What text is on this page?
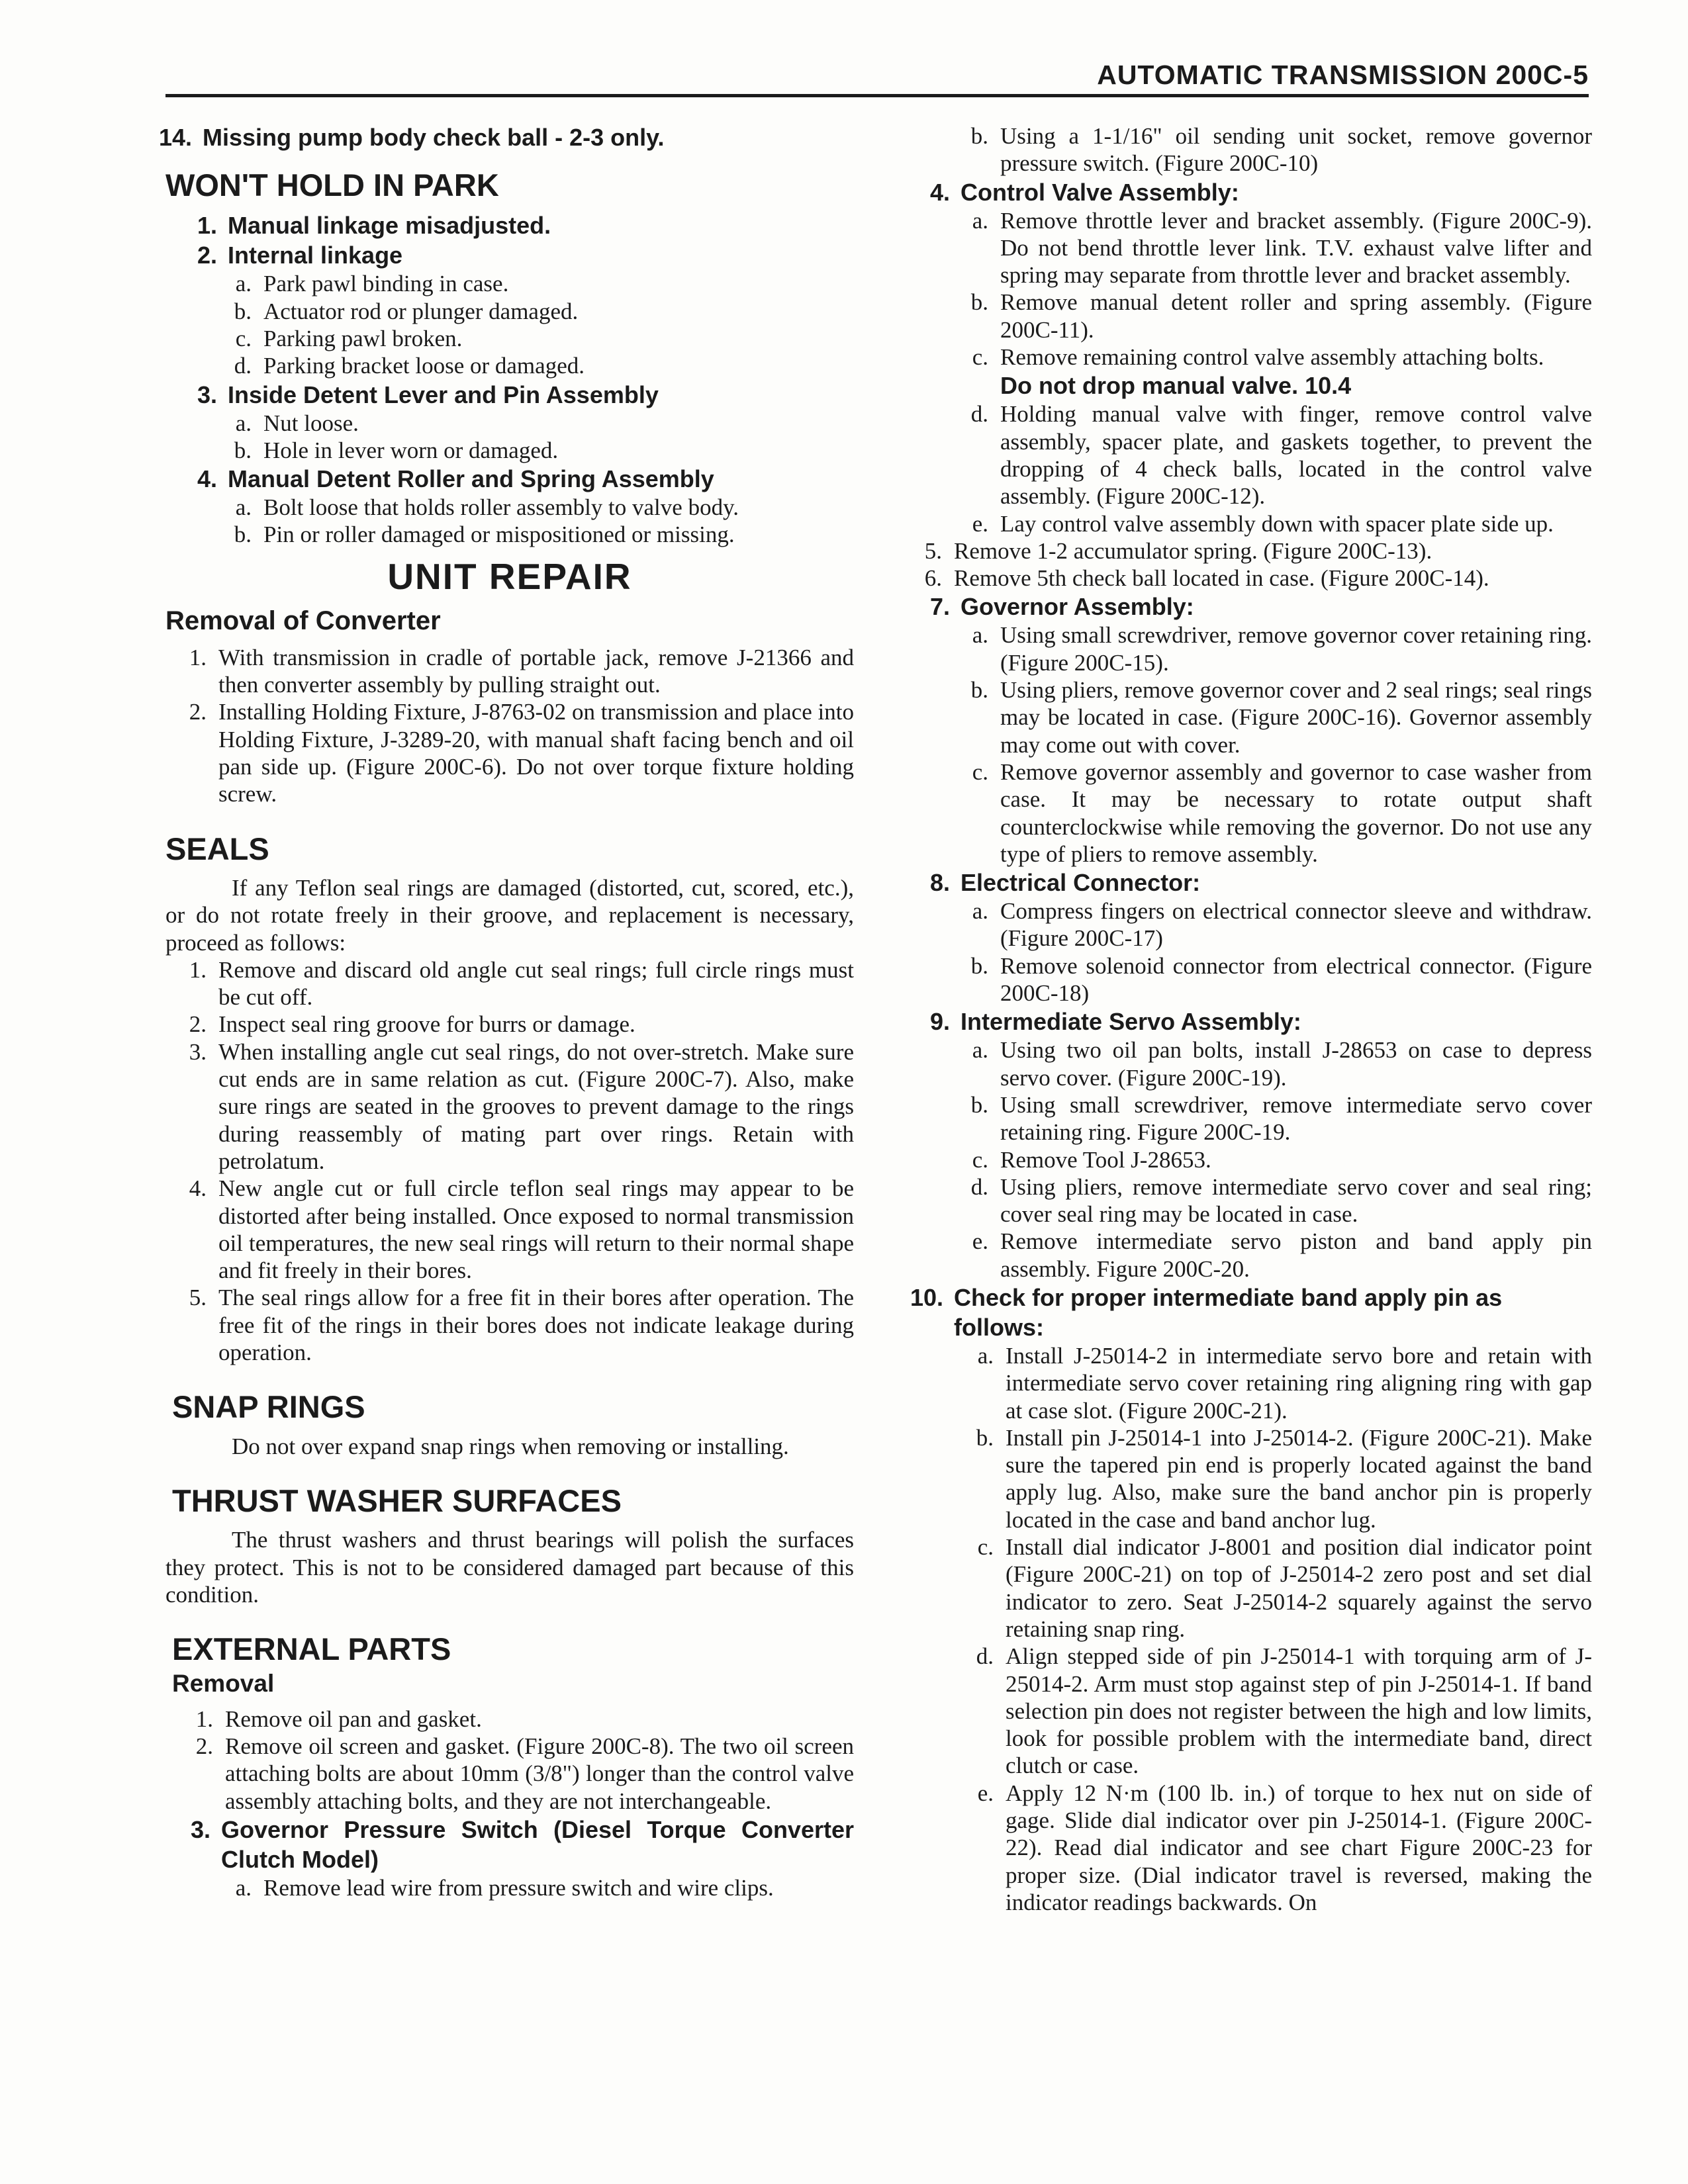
AUTOMATIC TRANSMISSION 200C-5
14. Missing pump body check ball - 2-3 only.
WON'T HOLD IN PARK
1. Manual linkage misadjusted.
2. Internal linkage
a. Park pawl binding in case.
b. Actuator rod or plunger damaged.
c. Parking pawl broken.
d. Parking bracket loose or damaged.
3. Inside Detent Lever and Pin Assembly
a. Nut loose.
b. Hole in lever worn or damaged.
4. Manual Detent Roller and Spring Assembly
a. Bolt loose that holds roller assembly to valve body.
b. Pin or roller damaged or mispositioned or missing.
UNIT REPAIR
Removal of Converter
1. With transmission in cradle of portable jack, remove J-21366 and then converter assembly by pulling straight out.
2. Installing Holding Fixture, J-8763-02 on transmission and place into Holding Fixture, J-3289-20, with manual shaft facing bench and oil pan side up. (Figure 200C-6). Do not over torque fixture holding screw.
SEALS

If any Teflon seal rings are damaged (distorted, cut, scored, etc.), or do not rotate freely in their groove, and replacement is necessary, proceed as follows:

1. Remove and discard old angle cut seal rings; full circle rings must be cut off.
2. Inspect seal ring groove for burrs or damage.
3. When installing angle cut seal rings, do not over-stretch. Make sure cut ends are in same relation as cut. (Figure 200C-7). Also, make sure rings are seated in the grooves to prevent damage to the rings during reassembly of mating part over rings. Retain with petrolatum.
4. New angle cut or full circle teflon seal rings may appear to be distorted after being installed. Once exposed to normal transmission oil temperatures, the new seal rings will return to their normal shape and fit freely in their bores.
5. The seal rings allow for a free fit in their bores after operation. The free fit of the rings in their bores does not indicate leakage during operation.
SNAP RINGS

Do not over expand snap rings when removing or installing.

THRUST WASHER SURFACES

The thrust washers and thrust bearings will polish the surfaces they protect. This is not to be considered damaged part because of this condition.

EXTERNAL PARTS
Removal
1. Remove oil pan and gasket.
2. Remove oil screen and gasket. (Figure 200C-8). The two oil screen attaching bolts are about 10mm (3/8") longer than the control valve assembly attaching bolts, and they are not interchangeable.
3. Governor Pressure Switch (Diesel Torque Converter Clutch Model)
a. Remove lead wire from pressure switch and wire clips.
b. Using a 1-1/16" oil sending unit socket, remove governor pressure switch. (Figure 200C-10)
4. Control Valve Assembly:
a. Remove throttle lever and bracket assembly. (Figure 200C-9). Do not bend throttle lever link. T.V. exhaust valve lifter and spring may separate from throttle lever and bracket assembly.
b. Remove manual detent roller and spring assembly. (Figure 200C-11).
c. Remove remaining control valve assembly attaching bolts.
Do not drop manual valve. 10.4
d. Holding manual valve with finger, remove control valve assembly, spacer plate, and gaskets together, to prevent the dropping of 4 check balls, located in the control valve assembly. (Figure 200C-12).
e. Lay control valve assembly down with spacer plate side up.
5. Remove 1-2 accumulator spring. (Figure 200C-13).
6. Remove 5th check ball located in case. (Figure 200C-14).
7. Governor Assembly:
a. Using small screwdriver, remove governor cover retaining ring. (Figure 200C-15).
b. Using pliers, remove governor cover and 2 seal rings; seal rings may be located in case. (Figure 200C-16). Governor assembly may come out with cover.
c. Remove governor assembly and governor to case washer from case. It may be necessary to rotate output shaft counterclockwise while removing the governor. Do not use any type of pliers to remove assembly.
8. Electrical Connector:
a. Compress fingers on electrical connector sleeve and withdraw. (Figure 200C-17)
b. Remove solenoid connector from electrical connector. (Figure 200C-18)
9. Intermediate Servo Assembly:
a. Using two oil pan bolts, install J-28653 on case to depress servo cover. (Figure 200C-19).
b. Using small screwdriver, remove intermediate servo cover retaining ring. Figure 200C-19.
c. Remove Tool J-28653.
d. Using pliers, remove intermediate servo cover and seal ring; cover seal ring may be located in case.
e. Remove intermediate servo piston and band apply pin assembly. Figure 200C-20.
10. Check for proper intermediate band apply pin as follows:
a. Install J-25014-2 in intermediate servo bore and retain with intermediate servo cover retaining ring aligning ring with gap at case slot. (Figure 200C-21).
b. Install pin J-25014-1 into J-25014-2. (Figure 200C-21). Make sure the tapered pin end is properly located against the band apply lug. Also, make sure the band anchor pin is properly located in the case and band anchor lug.
c. Install dial indicator J-8001 and position dial indicator point (Figure 200C-21) on top of J-25014-2 zero post and set dial indicator to zero. Seat J-25014-2 squarely against the servo retaining snap ring.
d. Align stepped side of pin J-25014-1 with torquing arm of J-25014-2. Arm must stop against step of pin J-25014-1. If band selection pin does not register between the high and low limits, look for possible problem with the intermediate band, direct clutch or case.
e. Apply 12 N·m (100 lb. in.) of torque to hex nut on side of gage. Slide dial indicator over pin J-25014-1. (Figure 200C-22). Read dial indicator and see chart Figure 200C-23 for proper size. (Dial indicator travel is reversed, making the indicator readings backwards. On
